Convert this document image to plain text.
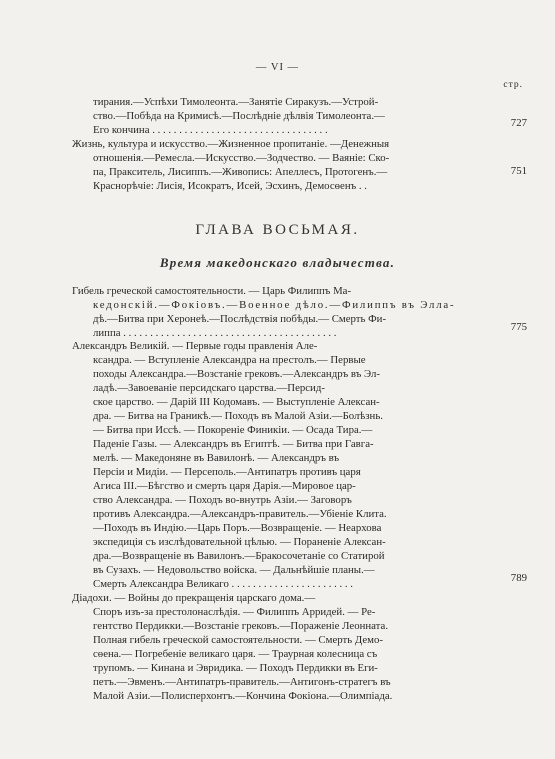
— VI —
стр.
тирания.—Успѣхи Тимолеонта.—Занятіе Сиракузъ.—Устрой-
ство.—Побѣда на Кримисѣ.—Послѣдніе дѣлвія Тимолеонта.—
Его кончина . . . . . . . . . . . . . . . . . . . . . . . . . . . . . . . . .
727
Жизнь, культура и искусство.—Жизненное пропитаніе. —Денежныя
отношенія.—Ремесла.—Искусство.—Зодчество. — Ваяніе: Ско-
па, Пракситель, Лисиппъ.—Живопись: Апеллесъ, Протогенъ.—
Краснорѣчіе: Лисія, Исократъ, Исей, Эсхинъ, Демосѳенъ . .
751
ГЛАВА ВОСЬМАЯ.
Время македонскаго владычества.
Гибель греческой самостоятельности. — Царь Филиппъ Ма-
кедонскій.—Фокіовъ.—Военное дѣло.—Филиппъ въ Элла-
дѣ.—Битва при Херонеѣ.—Послѣдствія побѣды.— Смерть Фи-
липпа . . . . . . . . . . . . . . . . . . . . . . . . . . . . . . . . . . . . . . . .	775
Александръ Великій. — Первые годы правленія Але-
ксандра. — Вступленіе Александра на престолъ.— Первые
походы Александра.—Возстаніе грековъ.—Александръ въ Эл-
ладѣ.—Завоеваніе персидскаго царства.—Персид-
ское царство. — Дарій III Кодомавъ. — Выступленіе Алексан-
дра. — Битва на Граникѣ.— Походъ въ Малой Азіи.—Болѣзнь.
— Битва при Иссѣ. — Покореніе Финикіи. — Осада Тира.—
Паденіе Газы. — Александръ въ Египтѣ. — Битва при Гавга-
мелѣ. — Македоняне въ Вавилонѣ. — Александръ въ
Персіи и Мидіи. — Персеполь.—Антипатръ противъ царя
Агиса III.—Бѣгство и смерть царя Дарія.—Мировое цар-
ство Александра. — Походъ во-внутрь Азіи.— Заговоръ
противъ Александра.—Александръ-правитель.—Убіеніе Клита.
—Походъ въ Индію.—Царь Поръ.—Возвращеніе. — Неархова
экспедиція съ изслѣдовательной цѣлью. — Пораненіе Алексан-
дра.—Возвращеніе въ Вавилонъ.—Бракосочетаніе со Статирой
въ Сузахъ. — Недовольство войска. — Дальнѣйшіе планы.—
Смерть Александра Великаго . . . . . . . . . . . . . . . . . . . . . . .	789
Діадохи. — Войны до прекращенія царскаго дома.—
Споръ изъ-за престолонаслѣдія. — Филиппъ Арридей. — Ре-
гентство Пердикки.—Возстаніе грековъ.—Пораженіе Леонната.
Полная гибель греческой самостоятельности. — Смерть Демо-
сѳена.— Погребеніе великаго царя. — Траурная колесница съ
трупомъ. — Кинана и Эвридика. — Походъ Пердикки въ Еги-
петъ.—Эвменъ.—Антипатръ-правитель.—Антигонъ-стратегъ въ
Малой Азіи.—Полисперхонтъ.—Кончина Фокіона.—Олимпіада.
